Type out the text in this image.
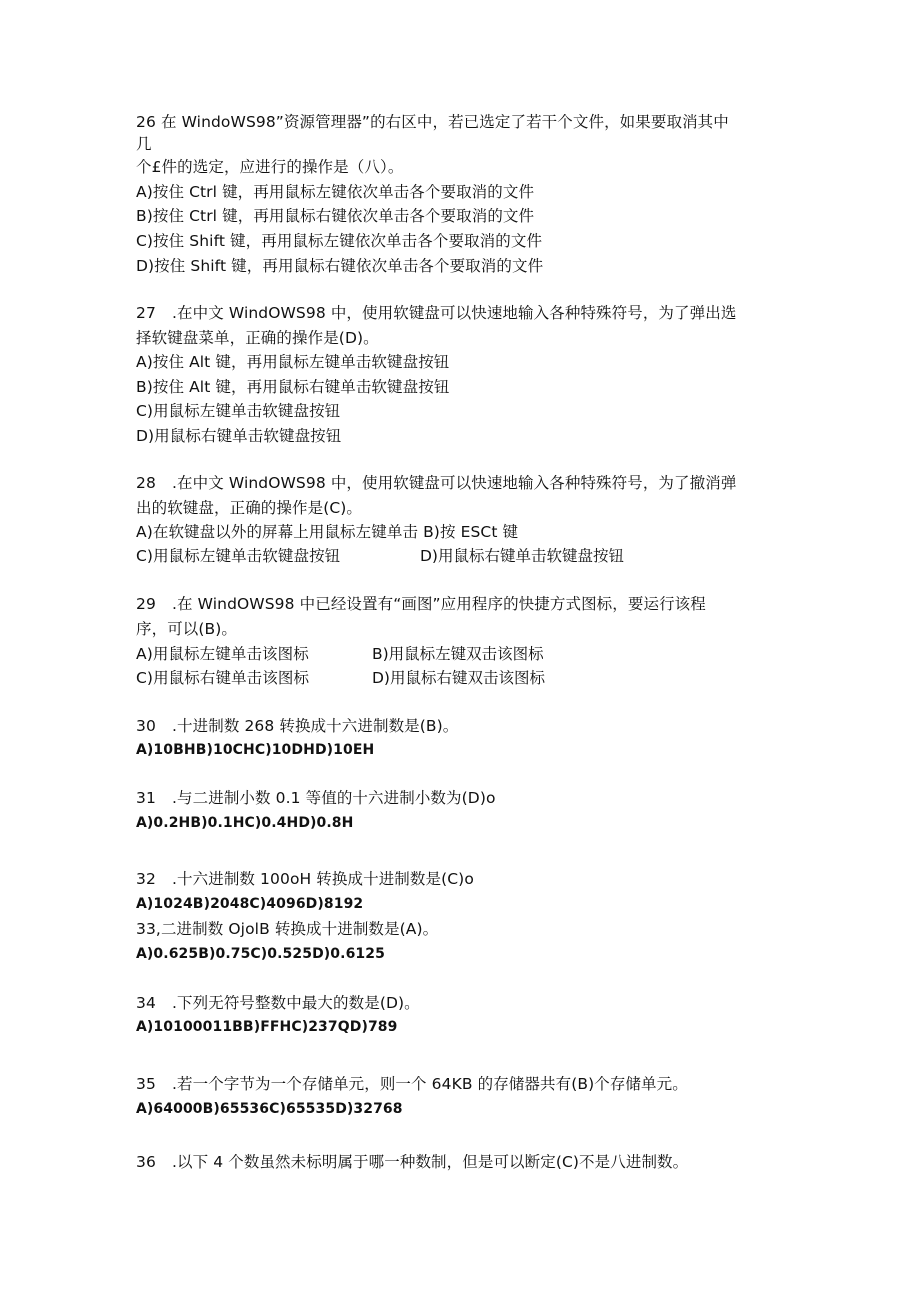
26 在 WindoWS98”资源管理器”的右区中，若已选定了若干个文件，如果要取消其中
几
个£件的选定，应进行的操作是（八）。
A)按住 Ctrl 键，再用鼠标左键依次单击各个要取消的文件
B)按住 Ctrl 键，再用鼠标右键依次单击各个要取消的文件
C)按住 Shift 键，再用鼠标左键依次单击各个要取消的文件
D)按住 Shift 键，再用鼠标右键依次单击各个要取消的文件
27 .在中文 WindOWS98 中，使用软键盘可以快速地输入各种特殊符号，为了弹出选
择软键盘菜单，正确的操作是(D)。
A)按住 Alt 键，再用鼠标左键单击软键盘按钮
B)按住 Alt 键，再用鼠标右键单击软键盘按钮
C)用鼠标左键单击软键盘按钮
D)用鼠标右键单击软键盘按钮
28 .在中文 WindOWS98 中，使用软键盘可以快速地输入各种特殊符号，为了撤消弹
出的软键盘，正确的操作是(C)。
A)在软键盘以外的屏幕上用鼠标左键单击 B)按 ESCt 键
C)用鼠标左键单击软键盘按钮	D)用鼠标右键单击软键盘按钮
29 .在 WindOWS98 中已经设置有“画图”应用程序的快捷方式图标，要运行该程
序，可以(B)。
A)用鼠标左键单击该图标	B)用鼠标左键双击该图标
C)用鼠标右键单击该图标	D)用鼠标右键双击该图标
30 .十进制数 268 转换成十六进制数是(B)。
A)10BHB)10CHC)10DHD)10EH
31 .与二进制小数 0.1 等值的十六进制小数为(D)o
A)0.2HB)0.1HC)0.4HD)0.8H
32 .十六进制数 100oH 转换成十进制数是(C)o
A)1024B)2048C)4096D)8192
33,二进制数 OjolB 转换成十进制数是(A)。
A)0.625B)0.75C)0.525D)0.6125
34 .下列无符号整数中最大的数是(D)。
A)10100011BB)FFHC)237QD)789
35 .若一个字节为一个存储单元，则一个 64KB 的存储器共有(B)个存储单元。
A)64000B)65536C)65535D)32768
36 .以下 4 个数虽然未标明属于哪一种数制，但是可以断定(C)不是八进制数。
